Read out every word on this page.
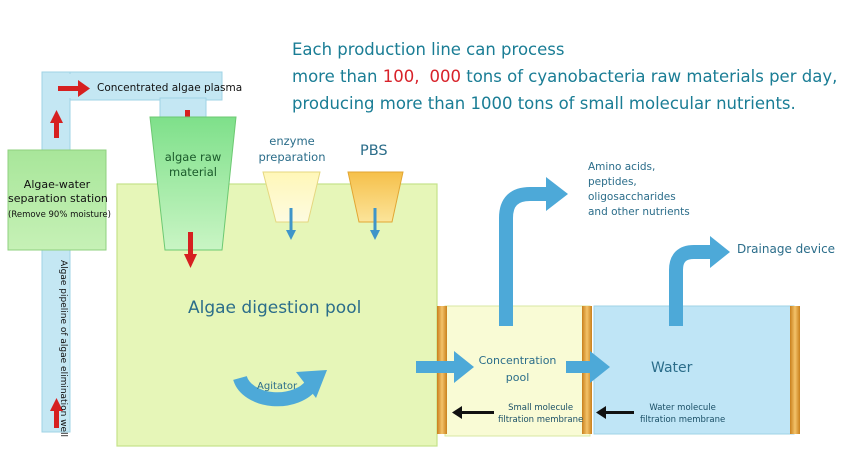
Each production line can process
more than 100, 000 tons of cyanobacteria raw materials per day,
producing more than 1000 tons of small molecular nutrients.
Concentrated algae plasma
Algae-water
separation station
(Remove 90% moisture)
Algae pipeline of algae elimination well
algae raw
material
enzyme
preparation	PBS
Algae digestion pool
Agitator
Concentration
pool
Water
Small molecule
filtration membrane
Water molecule
filtration membrane
Amino acids,
peptides,
oligosaccharides
and other nutrients
Drainage device
